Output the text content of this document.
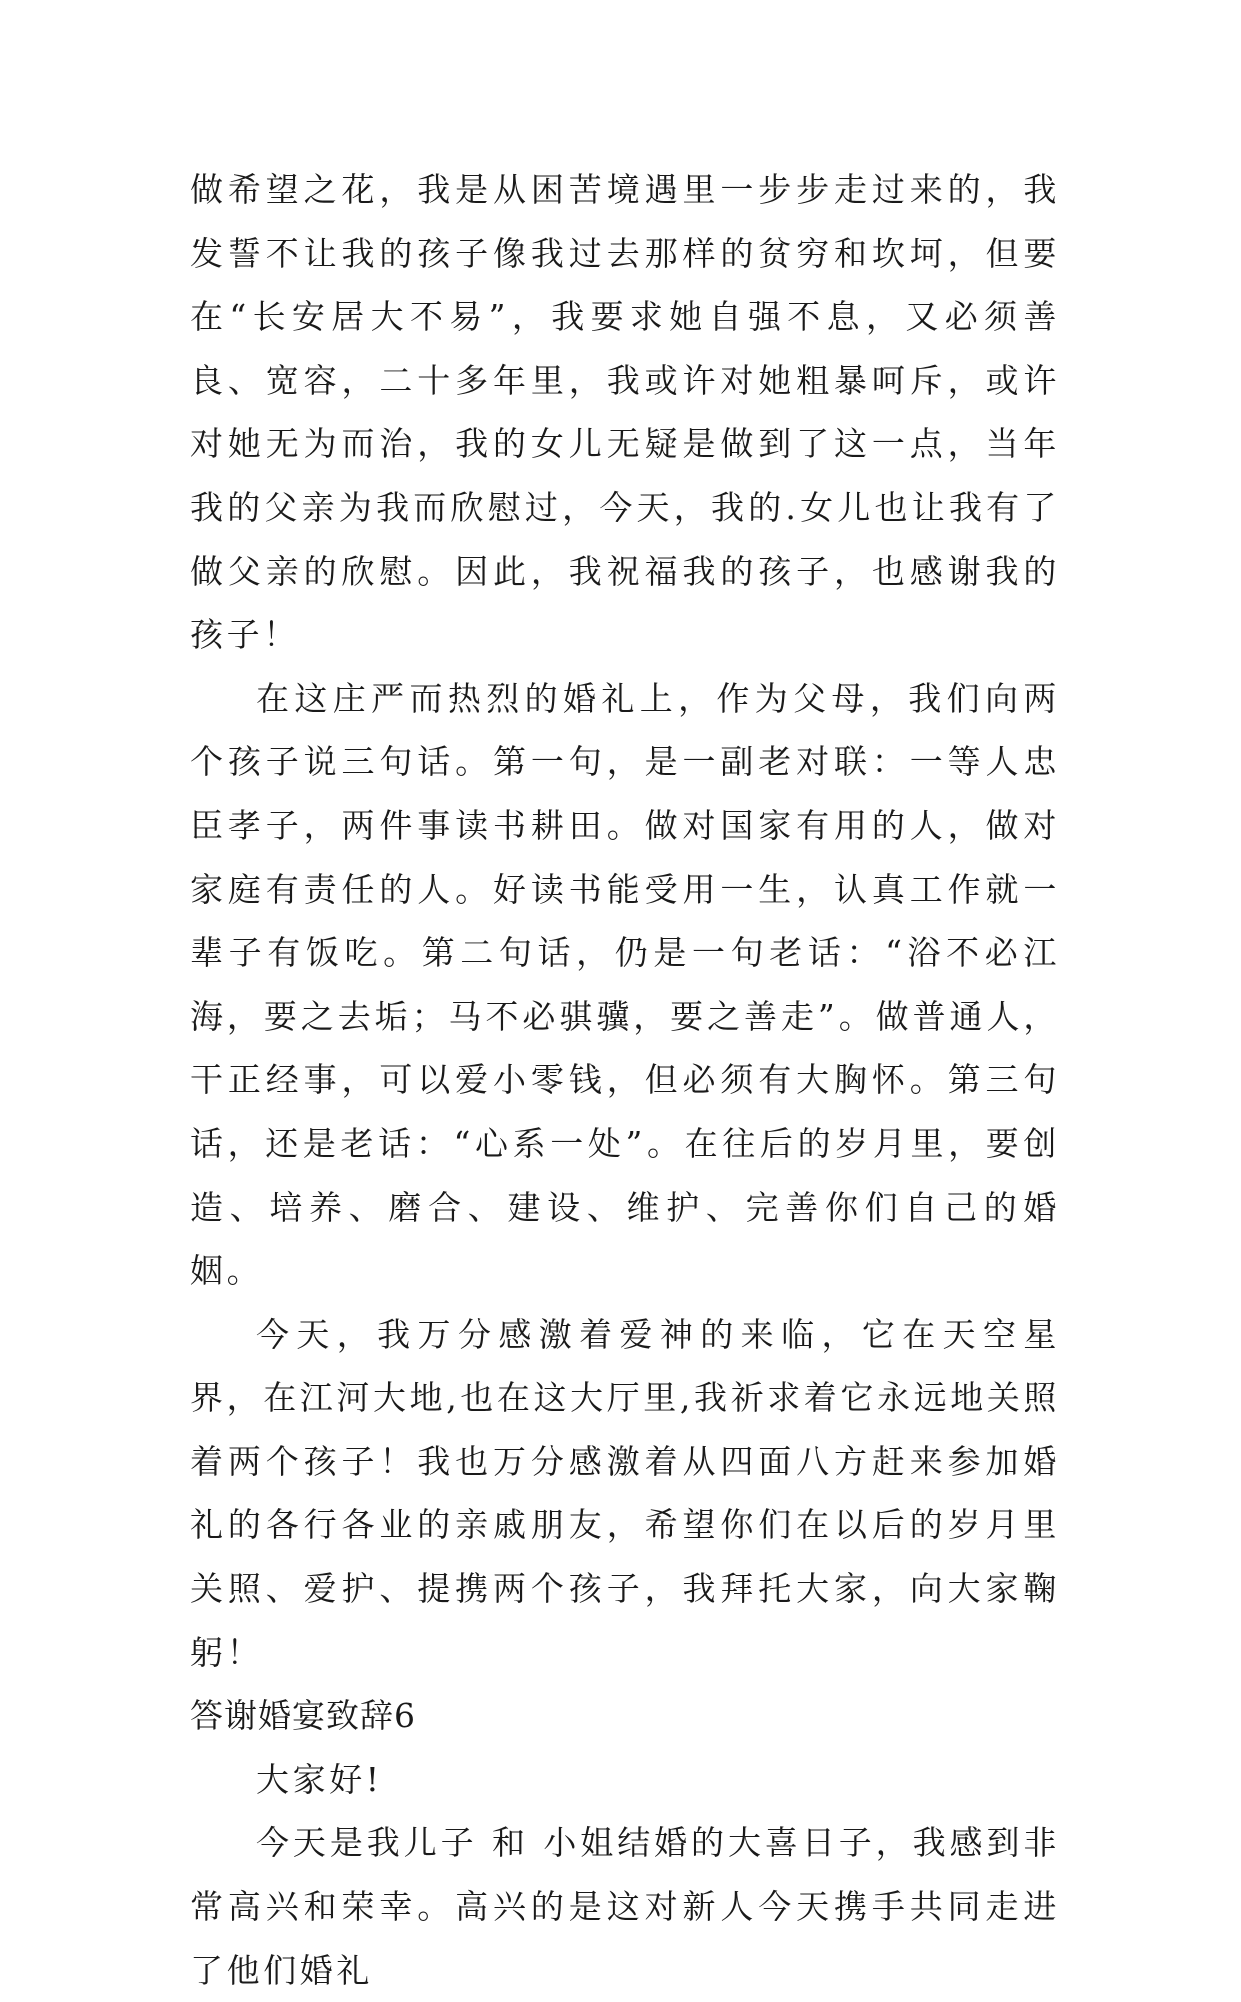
做希望之花，我是从困苦境遇里一步步走过来的，我发誓不让我的孩子像我过去那样的贫穷和坎坷，但要在“长安居大不易”，我要求她自强不息，又必须善良、宽容，二十多年里，我或许对她粗暴呵斥，或许对她无为而治，我的女儿无疑是做到了这一点，当年我的父亲为我而欣慰过，今天，我的.女儿也让我有了做父亲的欣慰。因此，我祝福我的孩子，也感谢我的孩子！

在这庄严而热烈的婚礼上，作为父母，我们向两个孩子说三句话。第一句，是一副老对联：一等人忠臣孝子，两件事读书耕田。做对国家有用的人，做对家庭有责任的人。好读书能受用一生，认真工作就一辈子有饭吃。第二句话，仍是一句老话：“浴不必江海，要之去垢；马不必骐骥，要之善走”。做普通人，干正经事，可以爱小零钱，但必须有大胸怀。第三句话，还是老话：“心系一处”。在往后的岁月里，要创造、培养、磨合、建设、维护、完善你们自己的婚姻。

今天，我万分感激着爱神的来临，它在天空星界，在江河大地,也在这大厅里,我祈求着它永远地关照着两个孩子！我也万分感激着从四面八方赶来参加婚礼的各行各业的亲戚朋友，希望你们在以后的岁月里关照、爱护、提携两个孩子，我拜托大家，向大家鞠躬！

答谢婚宴致辞6

大家好!

今天是我儿子 和 小姐结婚的大喜日子，我感到非常高兴和荣幸。高兴的是这对新人今天携手共同走进了他们婚礼
